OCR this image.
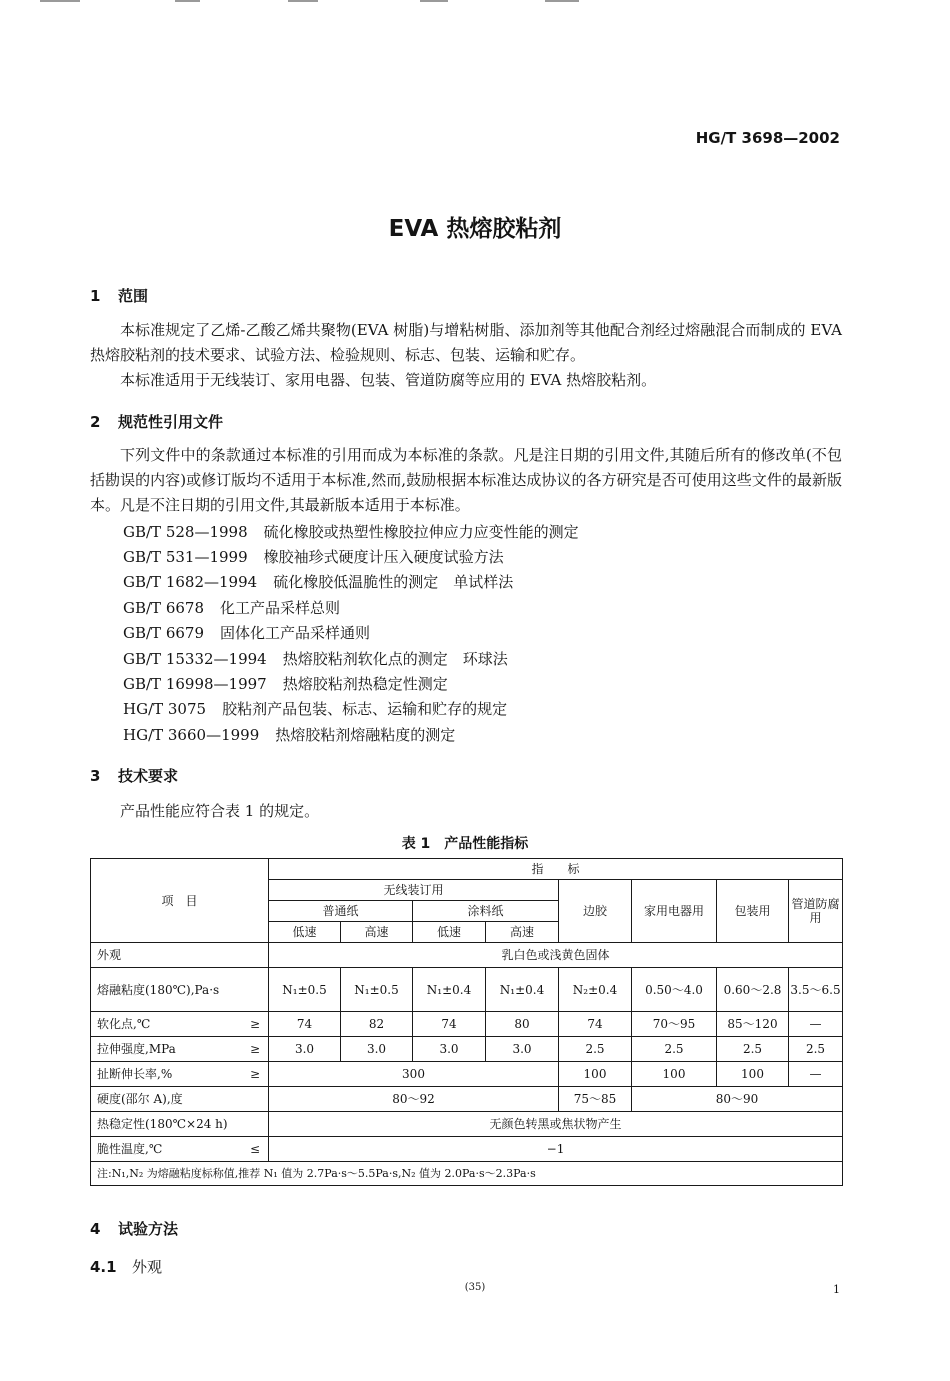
HG/T 3698—2002
EVA 热熔胶粘剂
1 范围
本标准规定了乙烯-乙酸乙烯共聚物(EVA 树脂)与增粘树脂、添加剂等其他配合剂经过熔融混合而制成的 EVA 热熔胶粘剂的技术要求、试验方法、检验规则、标志、包装、运输和贮存。
本标准适用于无线装订、家用电器、包装、管道防腐等应用的 EVA 热熔胶粘剂。
2 规范性引用文件
下列文件中的条款通过本标准的引用而成为本标准的条款。凡是注日期的引用文件,其随后所有的修改单(不包括勘误的内容)或修订版均不适用于本标准,然而,鼓励根据本标准达成协议的各方研究是否可使用这些文件的最新版本。凡是不注日期的引用文件,其最新版本适用于本标准。
GB/T 528—1998 硫化橡胶或热塑性橡胶拉伸应力应变性能的测定
GB/T 531—1999 橡胶袖珍式硬度计压入硬度试验方法
GB/T 1682—1994 硫化橡胶低温脆性的测定　单试样法
GB/T 6678 化工产品采样总则
GB/T 6679 固体化工产品采样通则
GB/T 15332—1994 热熔胶粘剂软化点的测定　环球法
GB/T 16998—1997 热熔胶粘剂热稳定性测定
HG/T 3075 胶粘剂产品包装、标志、运输和贮存的规定
HG/T 3660—1999 热熔胶粘剂熔融粘度的测定
3 技术要求
产品性能应符合表 1 的规定。
表 1　产品性能指标
项　目	指　　标							
	无线装订用				边胶	家用电器用	包装用	管道防腐用
	普通纸		涂料纸					
	低速	高速	低速	高速				
外观	乳白色或浅黄色固体							
熔融粘度(180℃),Pa·s	N₁±0.5	N₁±0.5	N₁±0.4	N₁±0.4	N₂±0.4	0.50～4.0	0.60～2.8	3.5～6.5
软化点,℃ ≥	74	82	74	80	74	70～95	85～120	—
拉伸强度,MPa ≥	3.0	3.0	3.0	3.0	2.5	2.5	2.5	2.5
扯断伸长率,% ≥	300				100	100	100	—
硬度(邵尔 A),度	80～92				75～85	80～90		
热稳定性(180℃×24 h)	无颜色转黑或焦状物产生							
脆性温度,℃ ≤	−1							
注:N₁,N₂ 为熔融粘度标称值,推荐 N₁ 值为 2.7Pa·s～5.5Pa·s,N₂ 值为 2.0Pa·s～2.3Pa·s								
4 试验方法
4.1 外观
(35)	1
